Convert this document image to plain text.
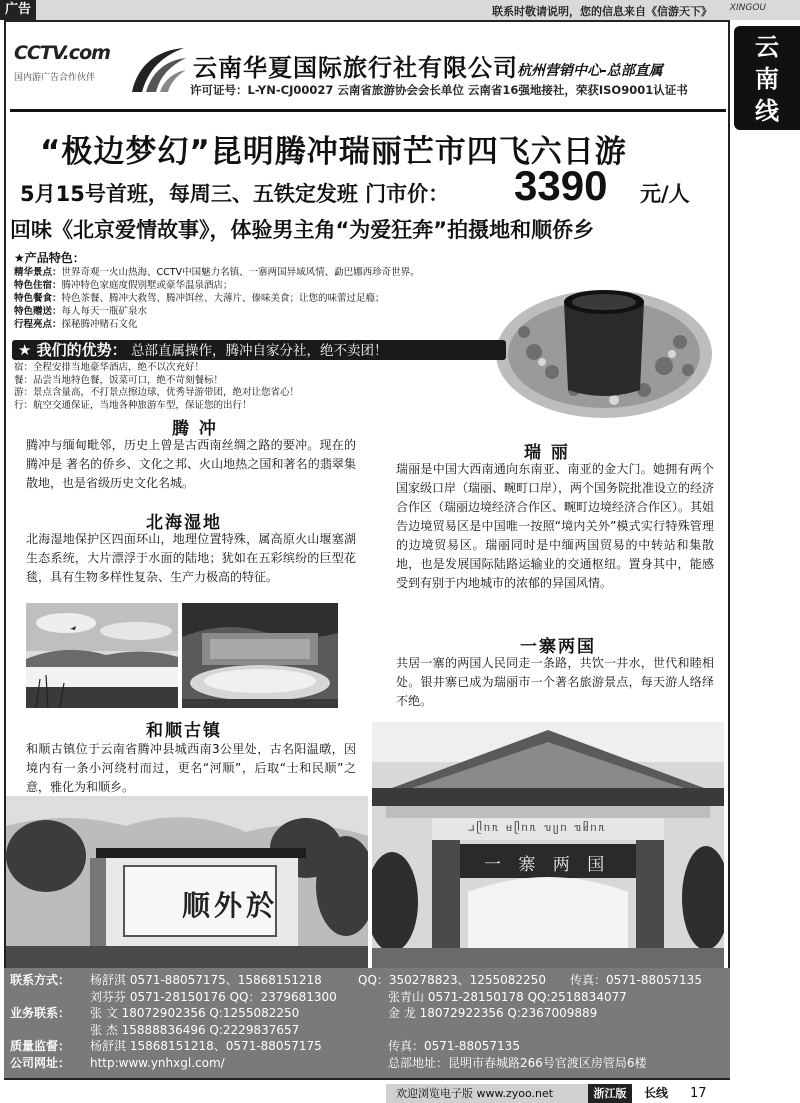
广告	联系时敬请说明，您的信息来自《信游天下》 XINGOU
云
南
线
CCTV.com
国内游广告合作伙伴	云南华夏国际旅行社有限公司 杭州营销中心-总部直属
许可证号：L-YN-CJ00027 云南省旅游协会会长单位 云南省16强地接社，荣获ISO9001认证书
“极边梦幻”昆明腾冲瑞丽芒市四飞六日游
5月15号首班，每周三、五铁定发班 门市价： 3390 元/人
回味《北京爱情故事》，体验男主角“为爱狂奔”拍摄地和顺侨乡
★产品特色：
精华景点：世界奇观一火山热海、CCTV中国魅力名镇、一寨两国异域风情、勐巴娜西珍奇世界。
特色住宿：腾冲特色家庭度假别墅或豪华温泉酒店；
特色餐食：特色茶餐、腾冲大救驾、腾冲饵丝、大薄片、傣味美食；让您的味蕾过足瘾；
特色赠送：每人每天一瓶矿泉水
行程亮点：探秘腾冲赌石文化
★ 我们的优势： 总部直属操作，腾冲自家分社，绝不卖团！
宿：全程安排当地豪华酒店，绝不以次充好！
餐：品尝当地特色餐，饭菜可口，绝不苛刻餐标！
游：景点含量高，不打景点擦边球，优秀导游带团，绝对让您省心！
行：航空交通保证，当地各种旅游车型，保证您的出行！
腾 冲
腾冲与缅甸毗邻，历史上曾是古西南丝绸之路的要冲。现在的腾冲是 著名的侨乡、文化之邦、火山地热之国和著名的翡翠集散地，也是省级历史文化名城。
北海湿地
北海湿地保护区四面环山，地理位置特殊，属高原火山堰塞湖生态系统，大片漂浮于水面的陆地；犹如在五彩缤纷的巨型花毯，具有生物多样性复杂、生产力极高的特征。
瑞 丽
瑞丽是中国大西南通向东南亚、南亚的金大门。她拥有两个国家级口岸（瑞丽、畹町口岸），两个国务院批准设立的经济合作区（瑞丽边境经济合作区、畹町边境经济合作区）。其姐告边境贸易区是中国唯一按照“境内关外”模式实行特殊管理的边境贸易区。瑞丽同时是中缅两国贸易的中转站和集散地，也是发展国际陆路运输业的交通枢纽。置身其中，能感受到有别于内地城市的浓郁的异国风情。
一寨两国
共居一寨的两国人民同走一条路，共饮一井水，世代和睦相处。银井寨已成为瑞丽市一个著名旅游景点，每天游人络绎不绝。
和顺古镇
和顺古镇位于云南省腾冲县城西南3公里处，古名阳温暾，因境内有一条小河绕村而过，更名“河顺”，后取“士和民顺”之意，雅化为和顺乡。
顺外於
ᥘᥫᥒᥰ ᥛᥫᥒᥰ ᥔᥩᥒ ᥓᥤᥒᥰ
一 寨 两 国
联系方式： 杨舒淇 0571-88057175、15868151218	QQ：350278823、1255082250 传真：0571-88057135
刘芬芬 0571-28150176 QQ：2379681300	张青山 0571-28150178 QQ:2518834077
业务联系： 张 文 18072902356 Q:1255082250	金 龙 18072922356 Q:2367009889
张 杰 15888836496 Q:2229837657
质量监督： 杨舒淇 15868151218、0571-88057175	传真：0571-88057135
公司网址： http:www.ynhxgl.com/	总部地址：昆明市春城路266号官渡区房管局6楼
欢迎浏览电子版 www.zyoo.net	浙江版	长线 17
